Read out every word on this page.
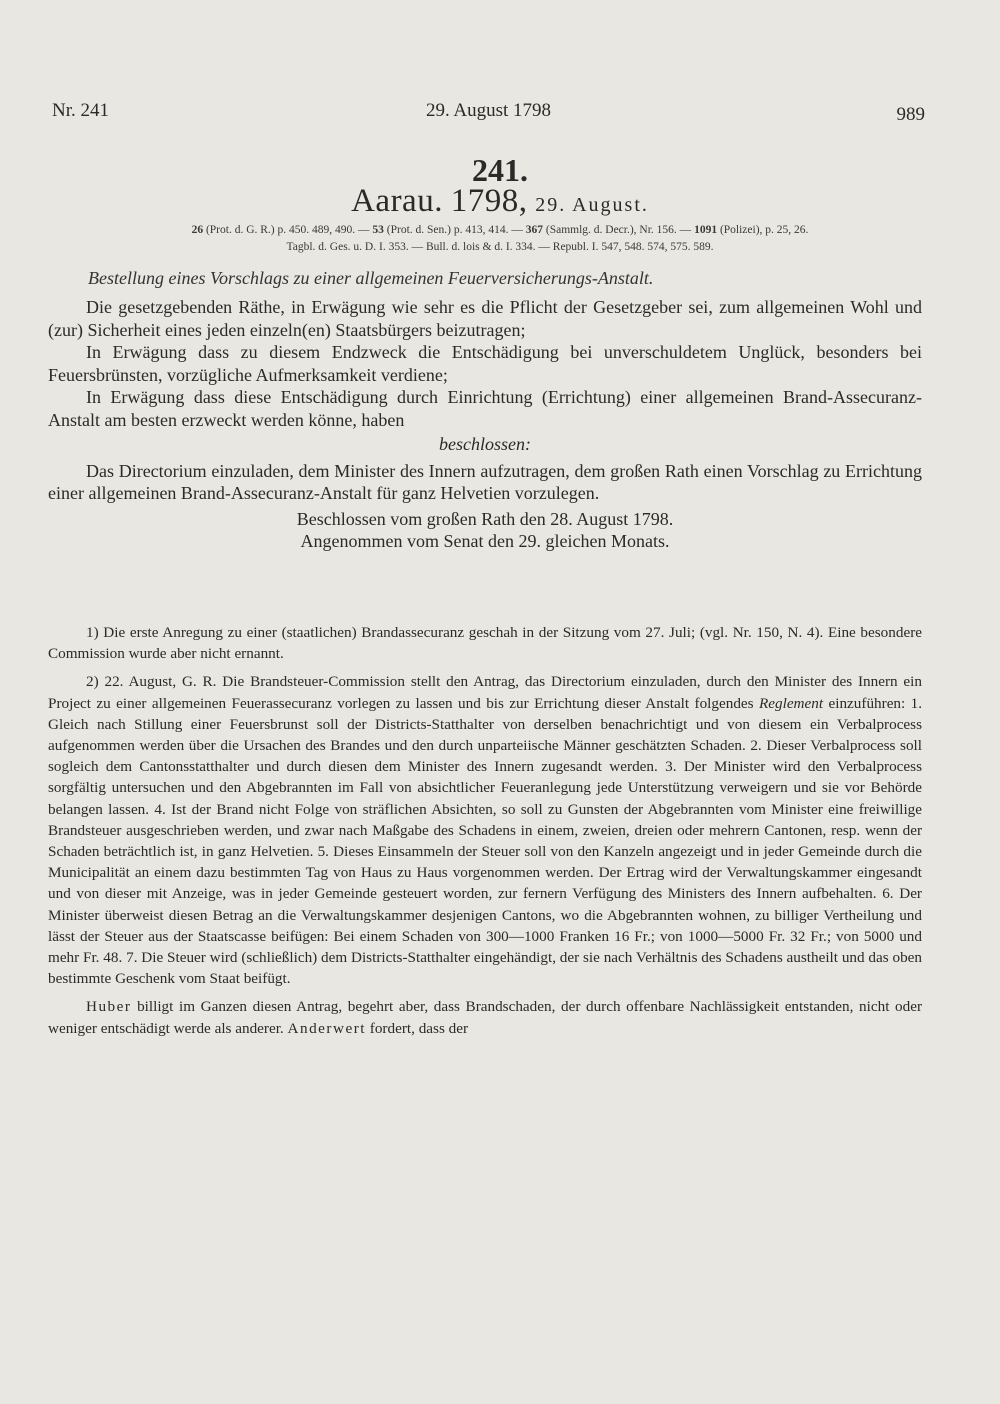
Nr. 241	29. August 1798	989
241.
Aarau. 1798, 29. August.
26 (Prot. d. G. R.) p. 450. 489, 490. — 53 (Prot. d. Sen.) p. 413, 414. — 367 (Sammlg. d. Decr.), Nr. 156. — 1091 (Polizei), p. 25, 26.
Tagbl. d. Ges. u. D. I. 353. — Bull. d. lois & d. I. 334. — Republ. I. 547, 548. 574, 575. 589.
Bestellung eines Vorschlags zu einer allgemeinen Feuerversicherungs-Anstalt.

Die gesetzgebenden Räthe, in Erwägung wie sehr es die Pflicht der Gesetzgeber sei, zum allgemeinen Wohl und (zur) Sicherheit eines jeden einzeln(en) Staatsbürgers beizutragen;

In Erwägung dass zu diesem Endzweck die Entschädigung bei unverschuldetem Unglück, besonders bei Feuersbrünsten, vorzügliche Aufmerksamkeit verdiene;

In Erwägung dass diese Entschädigung durch Einrichtung (Errichtung) einer allgemeinen Brand-Assecuranz-Anstalt am besten erzweckt werden könne, haben

beschlossen:

Das Directorium einzuladen, dem Minister des Innern aufzutragen, dem großen Rath einen Vorschlag zu Errichtung einer allgemeinen Brand-Assecuranz-Anstalt für ganz Helvetien vorzulegen.

Beschlossen vom großen Rath den 28. August 1798.

Angenommen vom Senat den 29. gleichen Monats.

1) Die erste Anregung zu einer (staatlichen) Brandassecuranz geschah in der Sitzung vom 27. Juli; (vgl. Nr. 150, N. 4). Eine besondere Commission wurde aber nicht ernannt.

2) 22. August, G. R. Die Brandsteuer-Commission stellt den Antrag, das Directorium einzuladen, durch den Minister des Innern ein Project zu einer allgemeinen Feuerassecuranz vorlegen zu lassen und bis zur Errichtung dieser Anstalt folgendes Reglement einzuführen: 1. Gleich nach Stillung einer Feuersbrunst soll der Districts-Statthalter von derselben benachrichtigt und von diesem ein Verbalprocess aufgenommen werden über die Ursachen des Brandes und den durch unparteiische Männer geschätzten Schaden. 2. Dieser Verbalprocess soll sogleich dem Cantonsstatthalter und durch diesen dem Minister des Innern zugesandt werden. 3. Der Minister wird den Verbalprocess sorgfältig untersuchen und den Abgebrannten im Fall von absichtlicher Feueranlegung jede Unterstützung verweigern und sie vor Behörde belangen lassen. 4. Ist der Brand nicht Folge von sträflichen Absichten, so soll zu Gunsten der Abgebrannten vom Minister eine freiwillige Brandsteuer ausgeschrieben werden, und zwar nach Maßgabe des Schadens in einem, zweien, dreien oder mehrern Cantonen, resp. wenn der Schaden beträchtlich ist, in ganz Helvetien. 5. Dieses Einsammeln der Steuer soll von den Kanzeln angezeigt und in jeder Gemeinde durch die Municipalität an einem dazu bestimmten Tag von Haus zu Haus vorgenommen werden. Der Ertrag wird der Verwaltungskammer eingesandt und von dieser mit Anzeige, was in jeder Gemeinde gesteuert worden, zur fernern Verfügung des Ministers des Innern aufbehalten. 6. Der Minister überweist diesen Betrag an die Verwaltungskammer desjenigen Cantons, wo die Abgebrannten wohnen, zu billiger Vertheilung und lässt der Steuer aus der Staatscasse beifügen: Bei einem Schaden von 300—1000 Franken 16 Fr.; von 1000—5000 Fr. 32 Fr.; von 5000 und mehr Fr. 48. 7. Die Steuer wird (schließlich) dem Districts-Statthalter eingehändigt, der sie nach Verhältnis des Schadens austheilt und das oben bestimmte Geschenk vom Staat beifügt.

Huber billigt im Ganzen diesen Antrag, begehrt aber, dass Brandschaden, der durch offenbare Nachlässigkeit entstanden, nicht oder weniger entschädigt werde als anderer. Anderwert fordert, dass der
